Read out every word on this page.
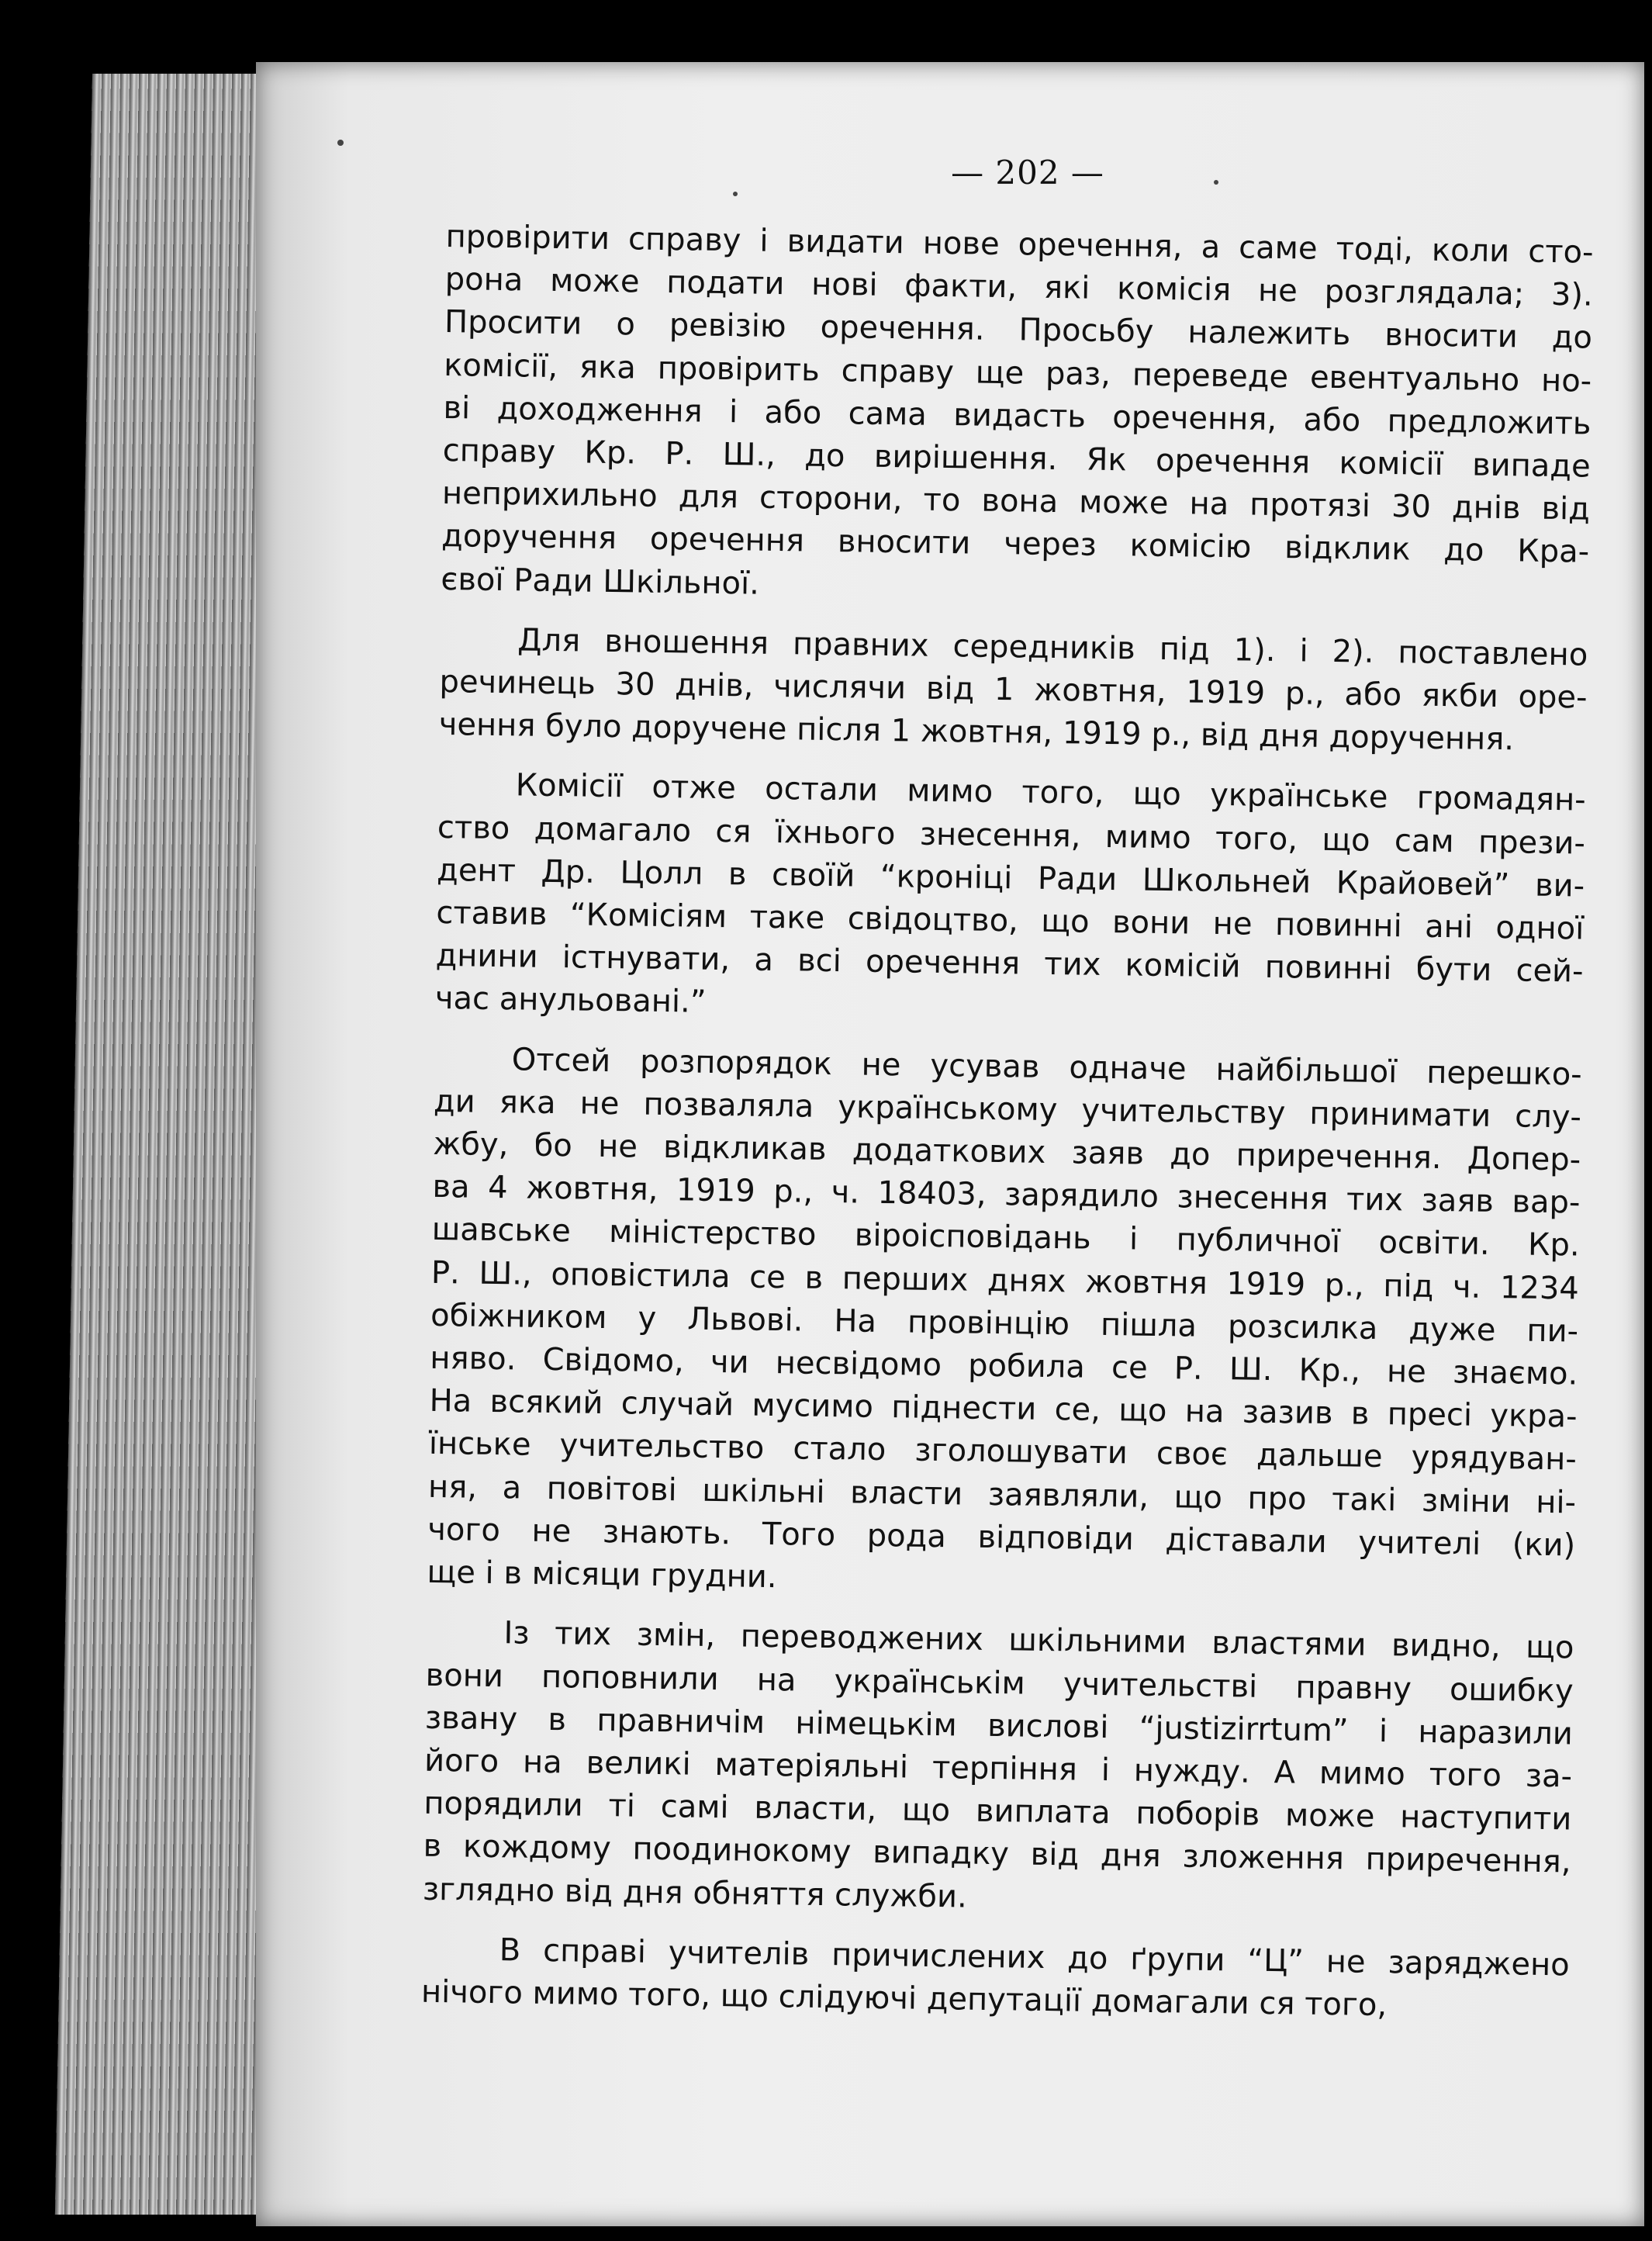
— 202 —
провірити справу і видати нове оречення, а саме тоді, коли сто-
рона може подати нові факти, які комісія не розглядала; 3).
Просити о ревізію оречення. Просьбу належить вносити до
комісії, яка провірить справу ще раз, переведе евентуально но-
ві доходження і або сама видасть оречення, або предложить
справу Кр. Р. Ш., до вирішення. Як оречення комісії випаде
неприхильно для сторони, то вона може на протязі 30 днів від
доручення оречення вносити через комісію відклик до Кра-
євої Ради Шкільної.
Для вношення правних середників під 1). і 2). поставлено
речинець 30 днів, числячи від 1 жовтня, 1919 р., або якби оре-
чення було доручене після 1 жовтня, 1919 р., від дня доручення.
Комісії отже остали мимо того, що українське громадян-
ство домагало ся їхнього знесення, мимо того, що сам прези-
дент Др. Цолл в своїй “кроніці Ради Школьней Крайовей” ви-
ставив “Комісіям таке свідоцтво, що вони не повинні ані одної
днини істнувати, а всі оречення тих комісій повинні бути сей-
час анульовані.”
Отсей розпорядок не усував одначе найбільшої перешко-
ди яка не позваляла українському учительству принимати слу-
жбу, бо не відкликав додаткових заяв до приречення. Допер-
ва 4 жовтня, 1919 р., ч. 18403, зарядило знесення тих заяв вар-
шавське міністерство віроісповідань і публичної освіти. Кр.
Р. Ш., оповістила се в перших днях жовтня 1919 р., під ч. 1234
обіжником у Львові. На провінцію пішла розсилка дуже пи-
няво. Свідомо, чи несвідомо робила се Р. Ш. Кр., не знаємо.
На всякий случай мусимо піднести се, що на зазив в пресі укра-
їнське учительство стало зголошувати своє дальше урядуван-
ня, а повітові шкільні власти заявляли, що про такі зміни ні-
чого не знають. Того рода відповіди діставали учителі (ки)
ще і в місяци грудни.
Із тих змін, переводжених шкільними властями видно, що
вони поповнили на українськім учительстві правну ошибку
звану в правничім німецькім вислові “justizirrtum” і наразили
його на великі матеріяльні терпіння і нужду. А мимо того за-
порядили ті самі власти, що виплата поборів може наступити
в кождому поодинокому випадку від дня зложення приречення,
зглядно від дня обняття служби.
В справі учителів причислених до ґрупи “Ц” не заряджено
нічого мимо того, що слідуючі депутації домагали ся того,
